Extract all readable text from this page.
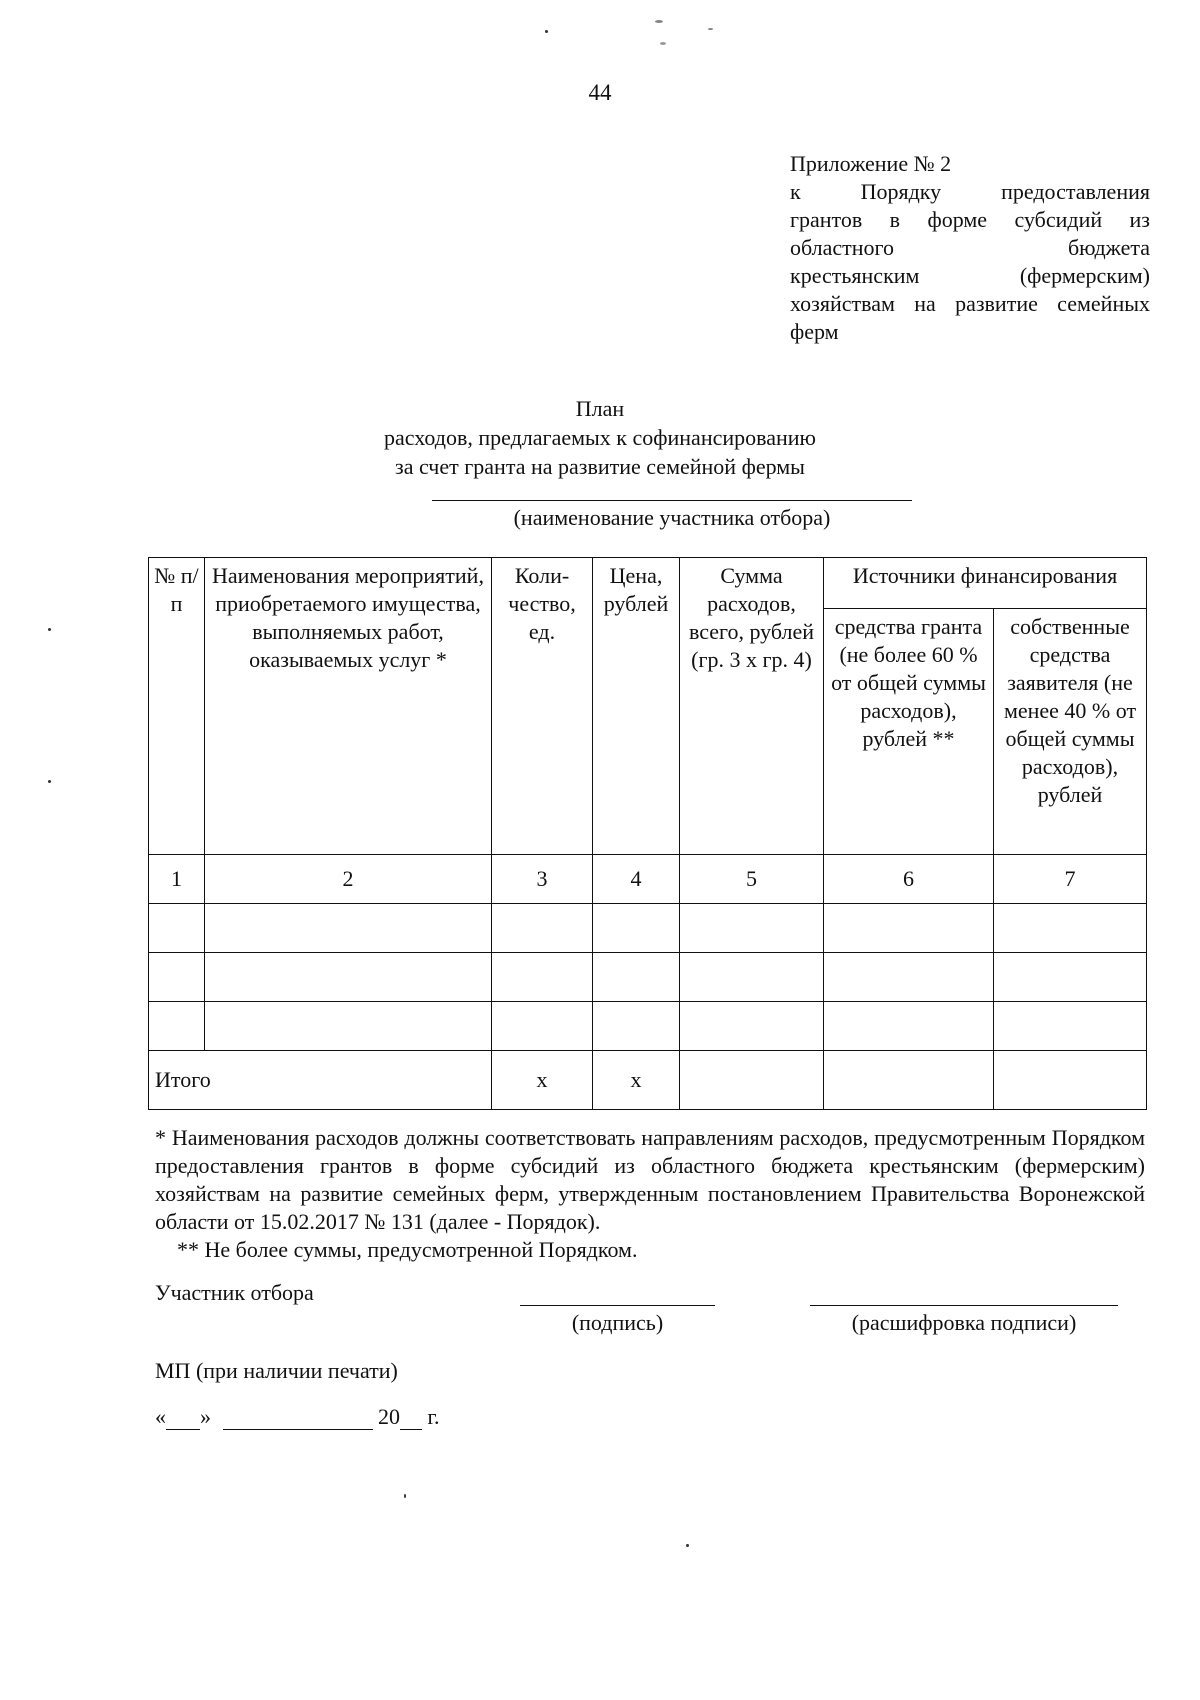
44
Приложение № 2
к Порядку предоставления
грантов в форме субсидий из
областного бюджета
крестьянским (фермерским)
хозяйствам на развитие семейных
ферм
План
расходов, предлагаемых к софинансированию
за счет гранта на развитие семейной фермы
(наименование участника отбора)
№ п/п	Наименования мероприятий, приобретаемого имущества, выполняемых работ, оказываемых услуг *	Коли-чество, ед.	Цена, рублей	Сумма расходов, всего, рублей (гр. 3 х гр. 4)	Источники финансирования	
					средства гранта (не более 60 % от общей суммы расходов), рублей **	собственные средства заявителя (не менее 40 % от общей суммы расходов), рублей
1	2	3	4	5	6	7

Итого		х	х			
* Наименования расходов должны соответствовать направлениям расходов, предусмотренным Порядком предоставления грантов в форме субсидий из областного бюджета крестьянским (фермерским) хозяйствам на развитие семейных ферм, утвержденным постановлением Правительства Воронежской области от 15.02.2017 № 131 (далее - Порядок).
** Не более суммы, предусмотренной Порядком.
Участник отбора
(подпись)	(расшифровка подписи)
МП (при наличии печати)
« »	20 г.
